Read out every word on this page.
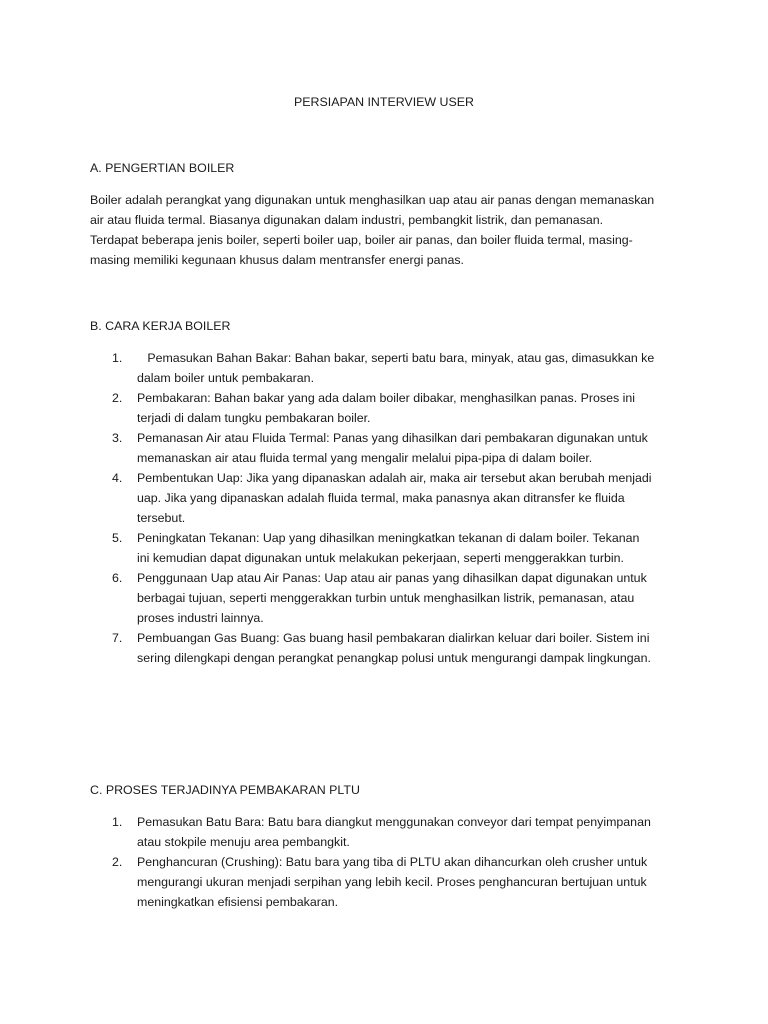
PERSIAPAN INTERVIEW USER
A. PENGERTIAN BOILER

Boiler adalah perangkat yang digunakan untuk menghasilkan uap atau air panas dengan memanaskan
air atau fluida termal. Biasanya digunakan dalam industri, pembangkit listrik, dan pemanasan.
Terdapat beberapa jenis boiler, seperti boiler uap, boiler air panas, dan boiler fluida termal, masing-
masing memiliki kegunaan khusus dalam mentransfer energi panas.

B. CARA KERJA BOILER
1. Pemasukan Bahan Bakar: Bahan bakar, seperti batu bara, minyak, atau gas, dimasukkan ke
dalam boiler untuk pembakaran.
2. Pembakaran: Bahan bakar yang ada dalam boiler dibakar, menghasilkan panas. Proses ini
terjadi di dalam tungku pembakaran boiler.
3. Pemanasan Air atau Fluida Termal: Panas yang dihasilkan dari pembakaran digunakan untuk
memanaskan air atau fluida termal yang mengalir melalui pipa-pipa di dalam boiler.
4. Pembentukan Uap: Jika yang dipanaskan adalah air, maka air tersebut akan berubah menjadi
uap. Jika yang dipanaskan adalah fluida termal, maka panasnya akan ditransfer ke fluida
tersebut.
5. Peningkatan Tekanan: Uap yang dihasilkan meningkatkan tekanan di dalam boiler. Tekanan
ini kemudian dapat digunakan untuk melakukan pekerjaan, seperti menggerakkan turbin.
6. Penggunaan Uap atau Air Panas: Uap atau air panas yang dihasilkan dapat digunakan untuk
berbagai tujuan, seperti menggerakkan turbin untuk menghasilkan listrik, pemanasan, atau
proses industri lainnya.
7. Pembuangan Gas Buang: Gas buang hasil pembakaran dialirkan keluar dari boiler. Sistem ini
sering dilengkapi dengan perangkat penangkap polusi untuk mengurangi dampak lingkungan.
C. PROSES TERJADINYA PEMBAKARAN PLTU
1. Pemasukan Batu Bara: Batu bara diangkut menggunakan conveyor dari tempat penyimpanan
atau stokpile menuju area pembangkit.
2. Penghancuran (Crushing): Batu bara yang tiba di PLTU akan dihancurkan oleh crusher untuk
mengurangi ukuran menjadi serpihan yang lebih kecil. Proses penghancuran bertujuan untuk
meningkatkan efisiensi pembakaran.
